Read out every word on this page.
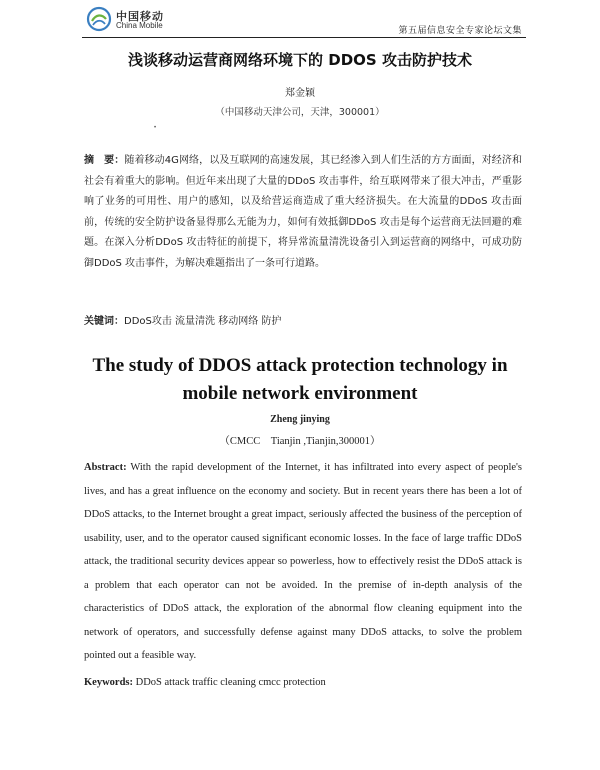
中国移动
China Mobile
第五届信息安全专家论坛文集
浅谈移动运营商网络环境下的 DDOS 攻击防护技术
郑金颖
（中国移动天津公司，天津，300001）
•
摘　要：随着移动4G网络，以及互联网的高速发展，其已经渗入到人们生活的方方面面，对经济和社会有着重大的影响。但近年来出现了大量的DDoS 攻击事件，给互联网带来了很大冲击，严重影响了业务的可用性、用户的感知，以及给营运商造成了重大经济损失。在大流量的DDoS 攻击面前，传统的安全防护设备显得那么无能为力，如何有效抵御DDoS 攻击是每个运营商无法回避的难题。在深入分析DDoS 攻击特征的前提下，将异常流量清洗设备引入到运营商的网络中，可成功防御DDoS 攻击事件，为解决难题指出了一条可行道路。
关键词：DDoS攻击 流量清洗 移动网络 防护
The study of DDOS attack protection technology in mobile network environment
Zheng jinying
（CMCC　Tianjin ,Tianjin,300001）
Abstract: With the rapid development of the Internet, it has infiltrated into every aspect of people's lives, and has a great influence on the economy and society. But in recent years there has been a lot of DDoS attacks, to the Internet brought a great impact, seriously affected the business of the perception of usability, user, and to the operator caused significant economic losses. In the face of large traffic DDoS attack, the traditional security devices appear so powerless, how to effectively resist the DDoS attack is a problem that each operator can not be avoided. In the premise of in-depth analysis of the characteristics of DDoS attack, the exploration of the abnormal flow cleaning equipment into the network of operators, and successfully defense against many DDoS attacks, to solve the problem pointed out a feasible way.
Keywords: DDoS attack traffic cleaning cmcc protection
